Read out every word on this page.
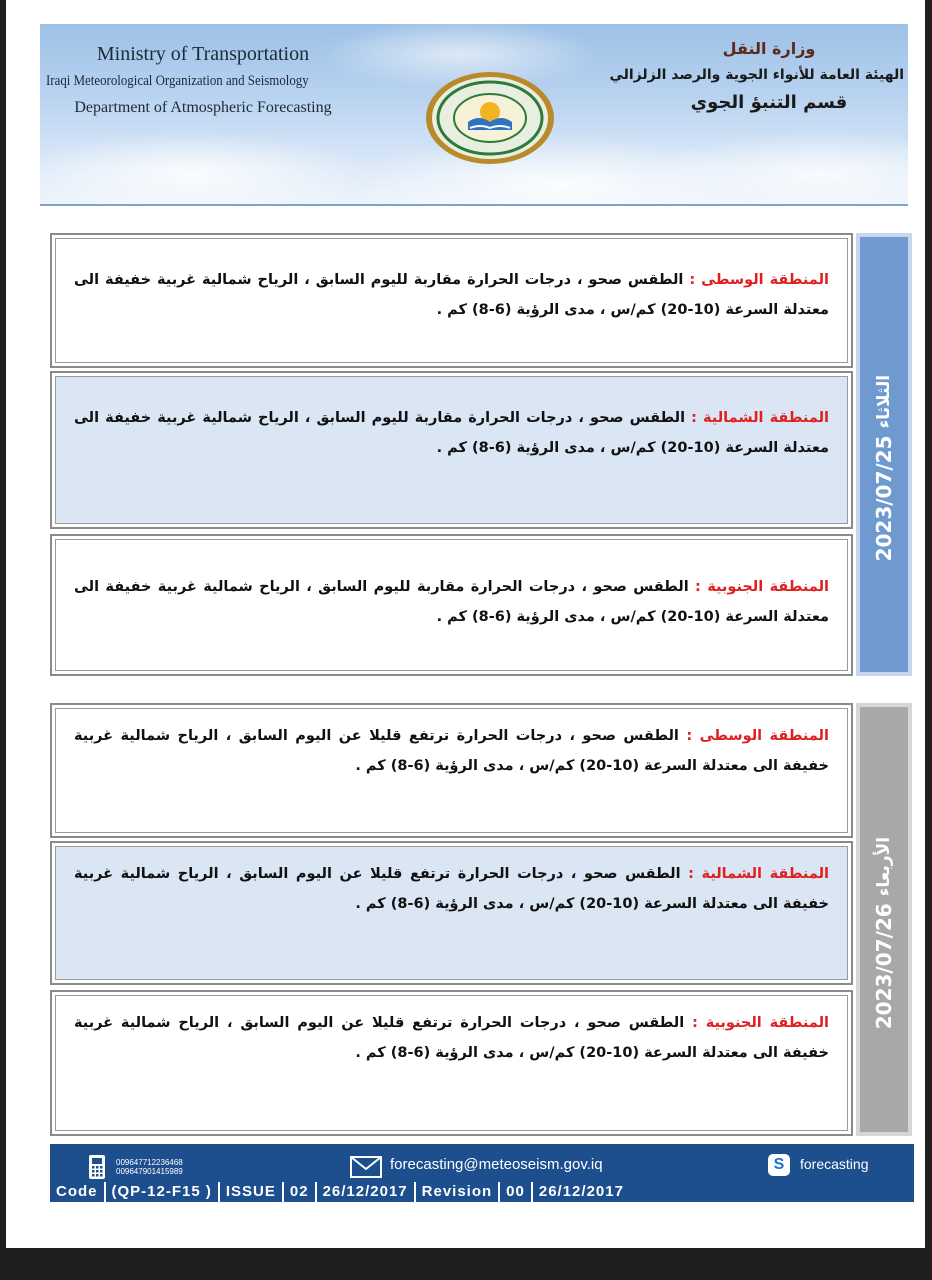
Ministry of Transportation
Iraqi Meteorological Organization and Seismology
Department of Atmospheric Forecasting
وزارة النقل
الهيئة العامة للأنواء الجوية والرصد الزلزالي
قسم التنبؤ الجوي
المنطقة الوسطى : الطقس صحو ، درجات الحرارة مقاربة لليوم السابق ، الرياح شمالية غربية خفيفة الى معتدلة السرعة (10-20) كم/س ، مدى الرؤية (6-8) كم .
المنطقة الشمالية : الطقس صحو ، درجات الحرارة مقاربة لليوم السابق ، الرياح شمالية غربية خفيفة الى معتدلة السرعة (10-20) كم/س ، مدى الرؤية (6-8) كم .
المنطقة الجنوبية : الطقس صحو ، درجات الحرارة مقاربة لليوم السابق ، الرياح شمالية غربية خفيفة الى معتدلة السرعة (10-20) كم/س ، مدى الرؤية (6-8) كم .
2023/07/25 الثلاثاء
المنطقة الوسطى : الطقس صحو ، درجات الحرارة ترتفع قليلا عن اليوم السابق ، الرياح شمالية غربية خفيفة الى معتدلة السرعة (10-20) كم/س ، مدى الرؤية (6-8) كم .
المنطقة الشمالية : الطقس صحو ، درجات الحرارة ترتفع قليلا عن اليوم السابق ، الرياح شمالية غربية خفيفة الى معتدلة السرعة (10-20) كم/س ، مدى الرؤية (6-8) كم .
المنطقة الجنوبية : الطقس صحو ، درجات الحرارة ترتفع قليلا عن اليوم السابق ، الرياح شمالية غربية خفيفة الى معتدلة السرعة (10-20) كم/س ، مدى الرؤية (6-8) كم .
2023/07/26 الأربعاء
009647712236468
009647901415989	forecasting@meteoseism.gov.iq	S	forecasting
Code (QP-12-F15 ) ISSUE 02 26/12/2017 Revision 00 26/12/2017
